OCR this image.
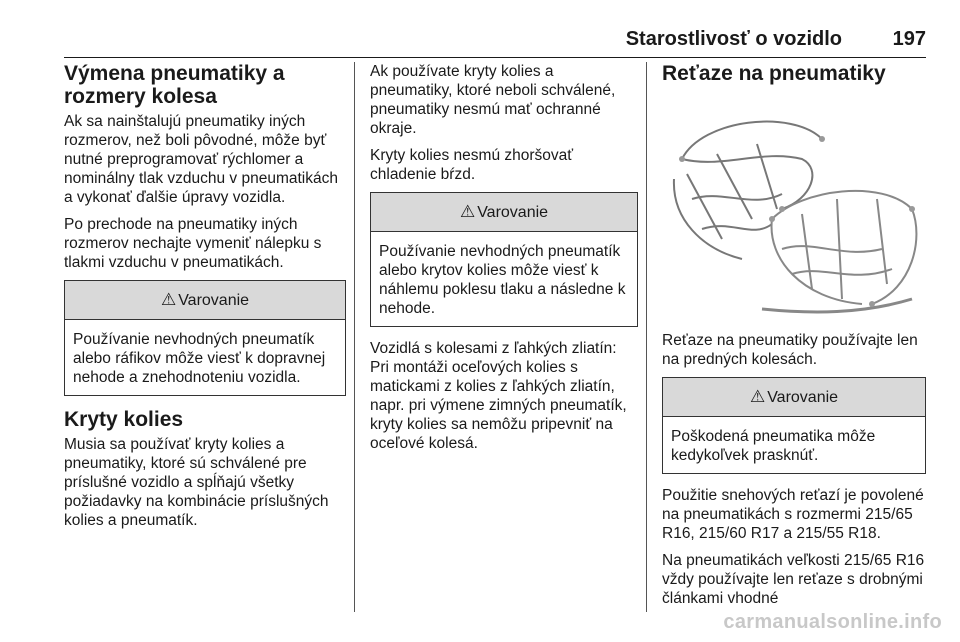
Starostlivosť o vozidlo	197
Výmena pneumatiky a rozmery kolesa

Ak sa nainštalujú pneumatiky iných rozmerov, než boli pôvodné, môže byť nutné preprogramovať rýchlomer a nominálny tlak vzduchu v pneumatikách a vykonať ďalšie úpravy vozidla.

Po prechode na pneumatiky iných rozmerov nechajte vymeniť nálepku s tlakmi vzduchu v pneumatikách.

⚠ Varovanie
Používanie nevhodných pneumatík alebo ráfikov môže viesť k dopravnej nehode a znehodnoteniu vozidla.
Kryty kolies

Musia sa používať kryty kolies a pneumatiky, ktoré sú schválené pre príslušné vozidlo a spĺňajú všetky požiadavky na kombinácie príslušných kolies a pneumatík.

Ak používate kryty kolies a pneumatiky, ktoré neboli schválené, pneumatiky nesmú mať ochranné okraje.

Kryty kolies nesmú zhoršovať chladenie bŕzd.

⚠ Varovanie
Používanie nevhodných pneumatík alebo krytov kolies môže viesť k náhlemu poklesu tlaku a následne k nehode.

Vozidlá s kolesami z ľahkých zliatín: Pri montáži oceľových kolies s matickami z kolies z ľahkých zliatín, napr. pri výmene zimných pneumatík, kryty kolies sa nemôžu pripevniť na oceľové kolesá.

Reťaze na pneumatiky

Reťaze na pneumatiky používajte len na predných kolesách.

⚠ Varovanie
Poškodená pneumatika môže kedykoľvek prasknúť.

Použitie snehových reťazí je povolené na pneumatikách s rozmermi 215/65 R16, 215/60 R17 a 215/55 R18.

Na pneumatikách veľkosti 215/65 R16 vždy používajte len reťaze s drobnými článkami vhodné

carmanualsonline.info
